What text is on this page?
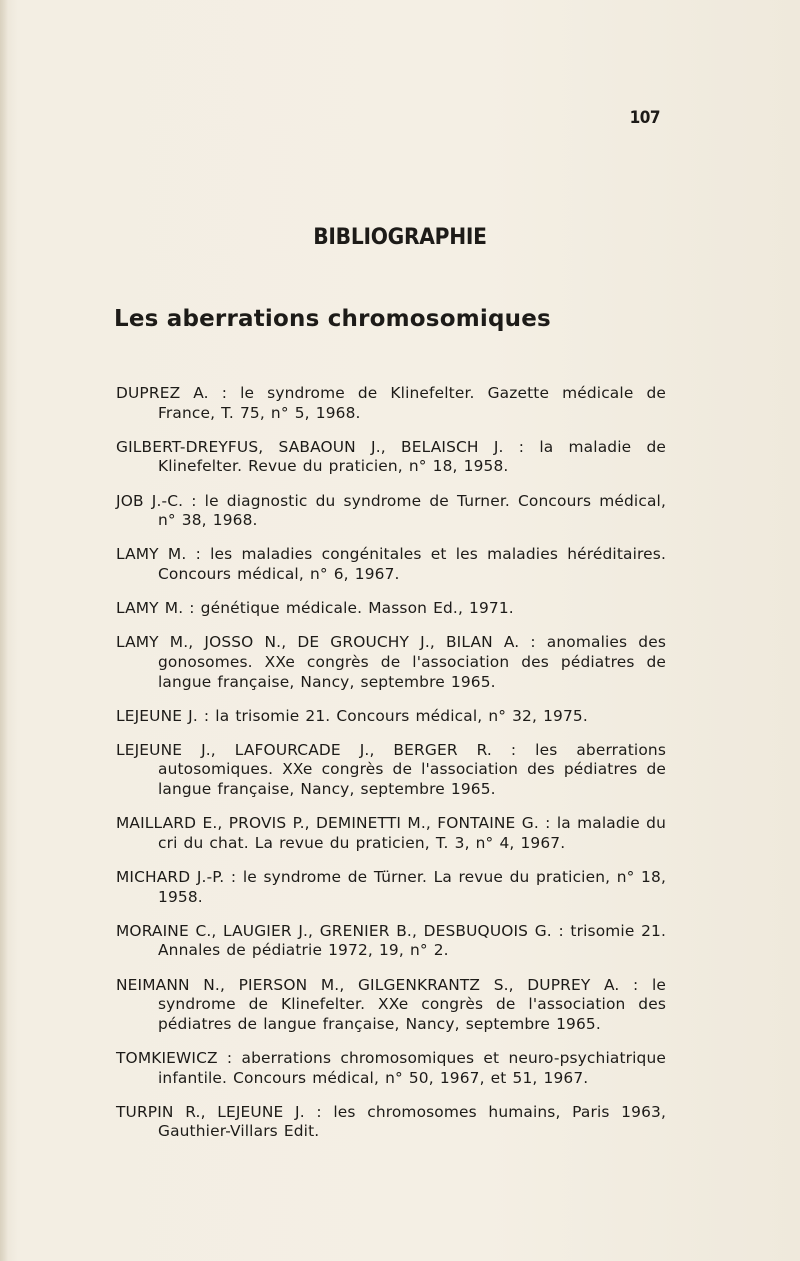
107
BIBLIOGRAPHIE
Les aberrations chromosomiques
DUPREZ A. : le syndrome de Klinefelter. Gazette médicale de France, T. 75, n° 5, 1968.
GILBERT-DREYFUS, SABAOUN J., BELAISCH J. : la maladie de Klinefelter. Revue du praticien, n° 18, 1958.
JOB J.-C. : le diagnostic du syndrome de Turner. Concours médical, n° 38, 1968.
LAMY M. : les maladies congénitales et les maladies héréditaires. Concours médical, n° 6, 1967.
LAMY M. : génétique médicale. Masson Ed., 1971.
LAMY M., JOSSO N., DE GROUCHY J., BILAN A. : anomalies des gonosomes. XXe congrès de l'association des pédiatres de langue française, Nancy, septembre 1965.
LEJEUNE J. : la trisomie 21. Concours médical, n° 32, 1975.
LEJEUNE J., LAFOURCADE J., BERGER R. : les aberrations autosomiques. XXe congrès de l'association des pédiatres de langue française, Nancy, septembre 1965.
MAILLARD E., PROVIS P., DEMINETTI M., FONTAINE G. : la maladie du cri du chat. La revue du praticien, T. 3, n° 4, 1967.
MICHARD J.-P. : le syndrome de Türner. La revue du praticien, n° 18, 1958.
MORAINE C., LAUGIER J., GRENIER B., DESBUQUOIS G. : trisomie 21. Annales de pédiatrie 1972, 19, n° 2.
NEIMANN N., PIERSON M., GILGENKRANTZ S., DUPREY A. : le syndrome de Klinefelter. XXe congrès de l'association des pédiatres de langue française, Nancy, septembre 1965.
TOMKIEWICZ : aberrations chromosomiques et neuro-psychiatrique infantile. Concours médical, n° 50, 1967, et 51, 1967.
TURPIN R., LEJEUNE J. : les chromosomes humains, Paris 1963, Gauthier-Villars Edit.
